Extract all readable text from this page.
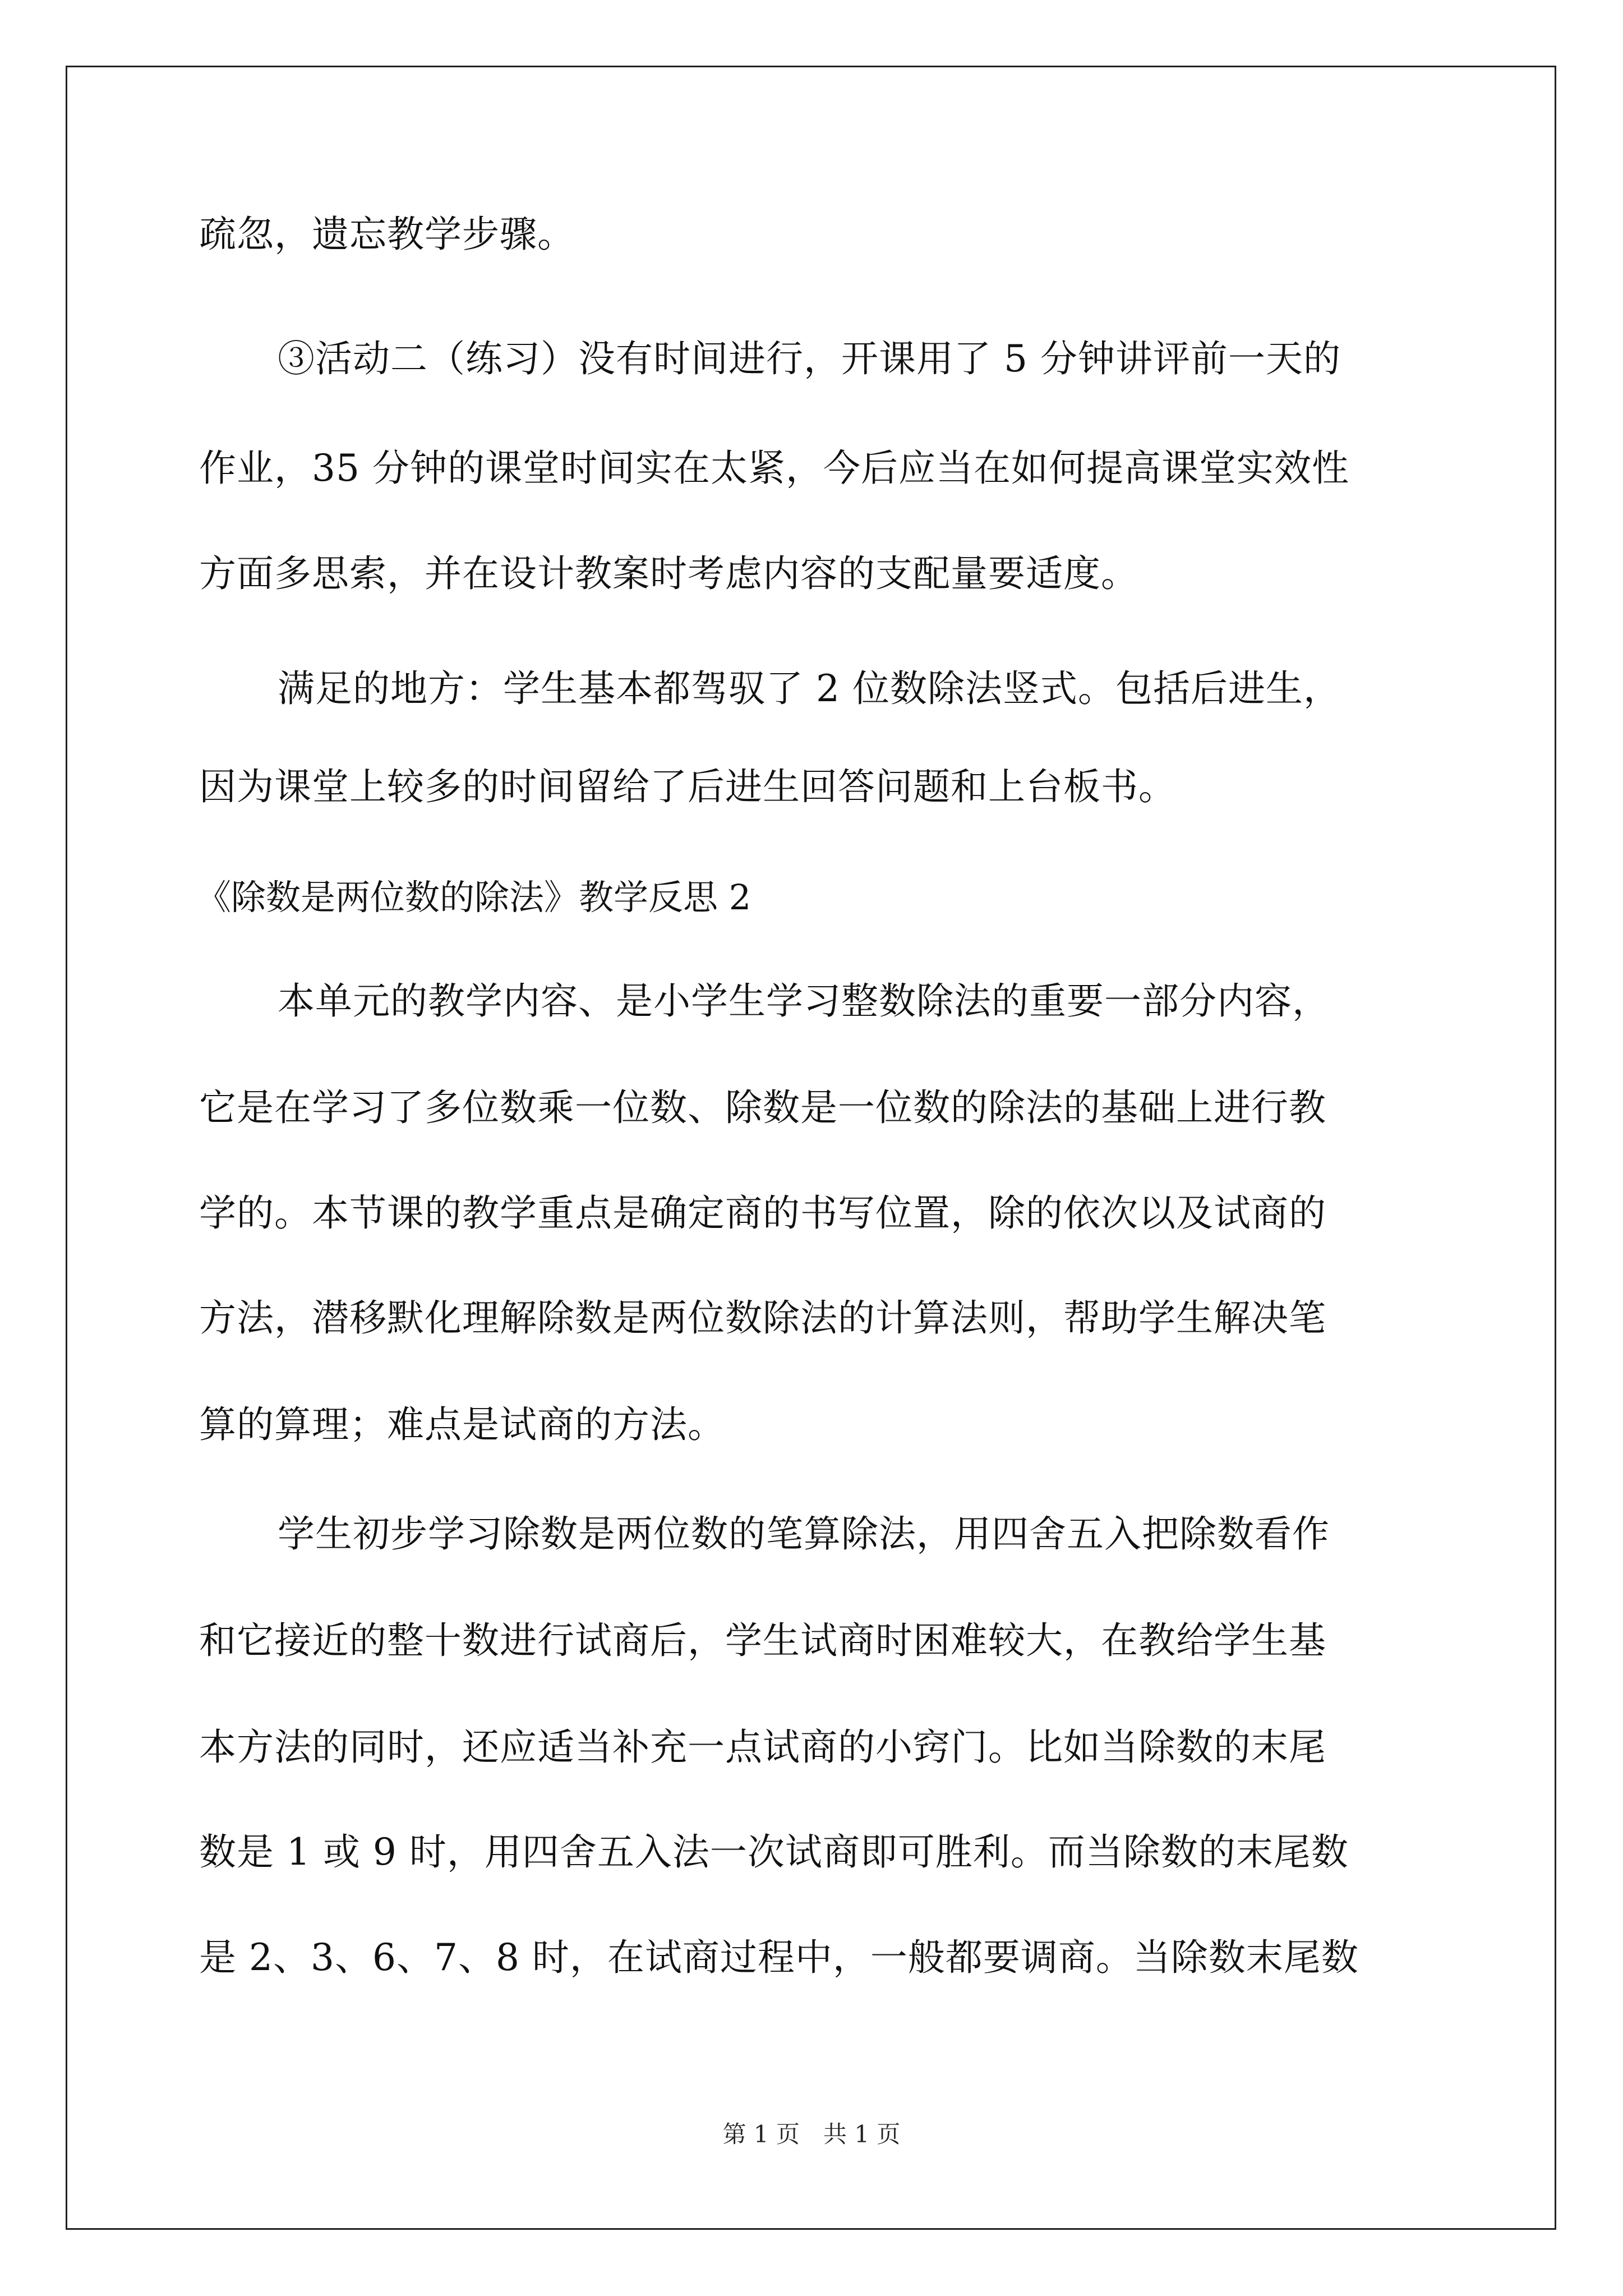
疏忽，遗忘教学步骤。
③活动二（练习）没有时间进行，开课用了 5 分钟讲评前一天的
作业，35 分钟的课堂时间实在太紧，今后应当在如何提高课堂实效性
方面多思索，并在设计教案时考虑内容的支配量要适度。
满足的地方：学生基本都驾驭了 2 位数除法竖式。包括后进生，
因为课堂上较多的时间留给了后进生回答问题和上台板书。
《除数是两位数的除法》教学反思 2
本单元的教学内容、是小学生学习整数除法的重要一部分内容，
它是在学习了多位数乘一位数、除数是一位数的除法的基础上进行教
学的。本节课的教学重点是确定商的书写位置，除的依次以及试商的
方法，潜移默化理解除数是两位数除法的计算法则，帮助学生解决笔
算的算理；难点是试商的方法。
学生初步学习除数是两位数的笔算除法，用四舍五入把除数看作
和它接近的整十数进行试商后，学生试商时困难较大，在教给学生基
本方法的同时，还应适当补充一点试商的小窍门。比如当除数的末尾
数是 1 或 9 时，用四舍五入法一次试商即可胜利。而当除数的末尾数
是 2、3、6、7、8 时，在试商过程中，一般都要调商。当除数末尾数
第 1 页　共 1 页
